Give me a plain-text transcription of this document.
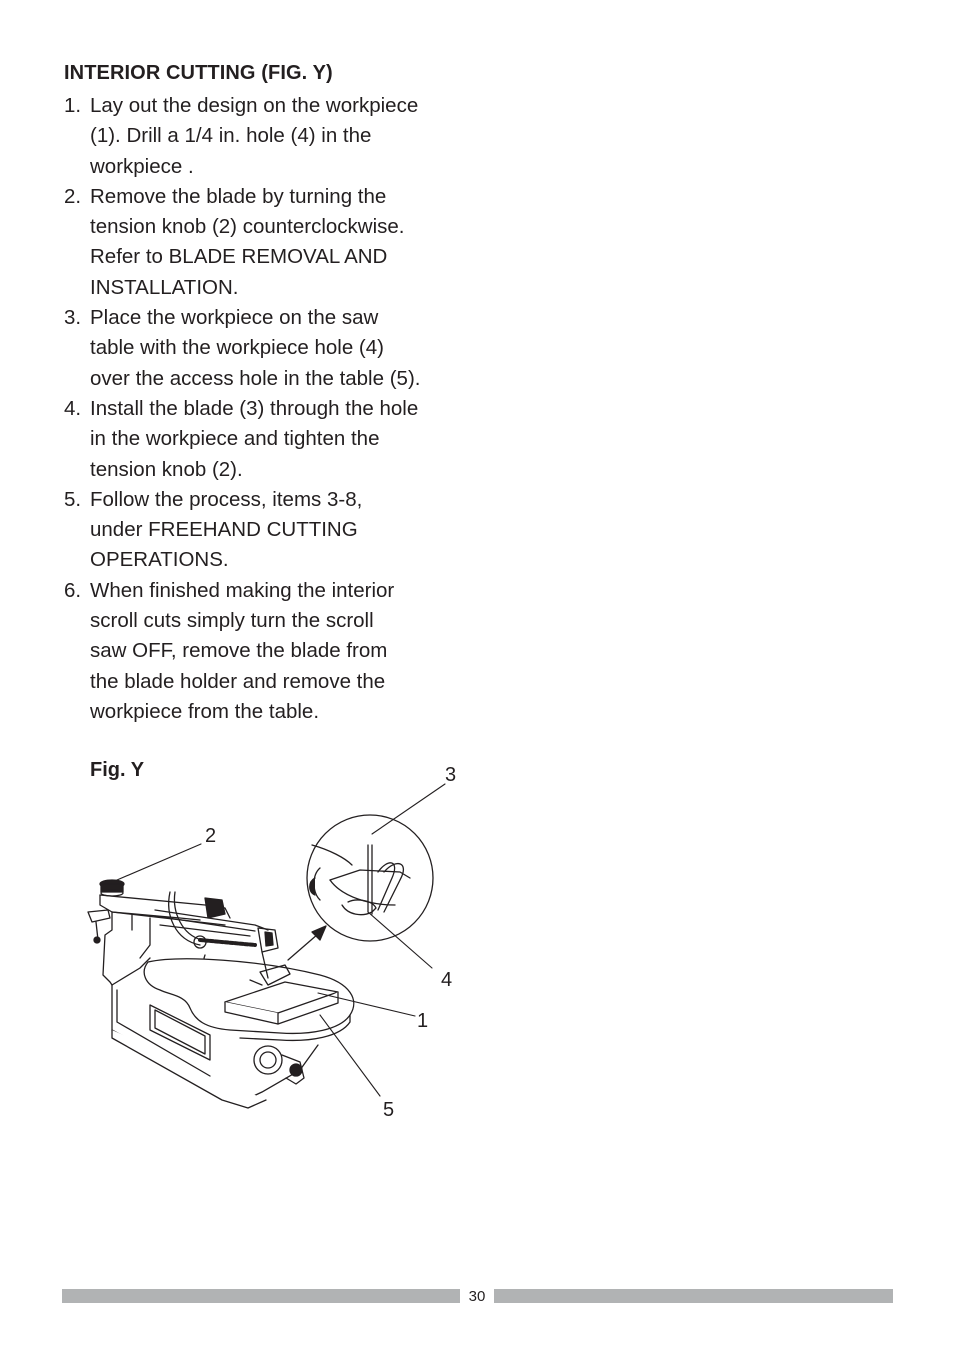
INTERIOR CUTTING (FIG. Y)
1. Lay out the design on the workpiece
(1). Drill a 1/4 in. hole (4) in the
workpiece .
2. Remove the blade by turning the
tension knob (2) counterclockwise.
Refer to BLADE REMOVAL AND
INSTALLATION.
3. Place the workpiece on the saw
table with the workpiece hole (4)
over the access hole in the table (5).
4. Install the blade (3) through the hole
in the workpiece and tighten the
tension knob (2).
5. Follow the process, items 3-8,
under FREEHAND CUTTING
OPERATIONS.
6. When finished making the interior
scroll cuts simply turn the scroll
saw OFF, remove the blade from
the blade holder and remove the
workpiece from the table.
Fig. Y
2
3
4
1
5
30
